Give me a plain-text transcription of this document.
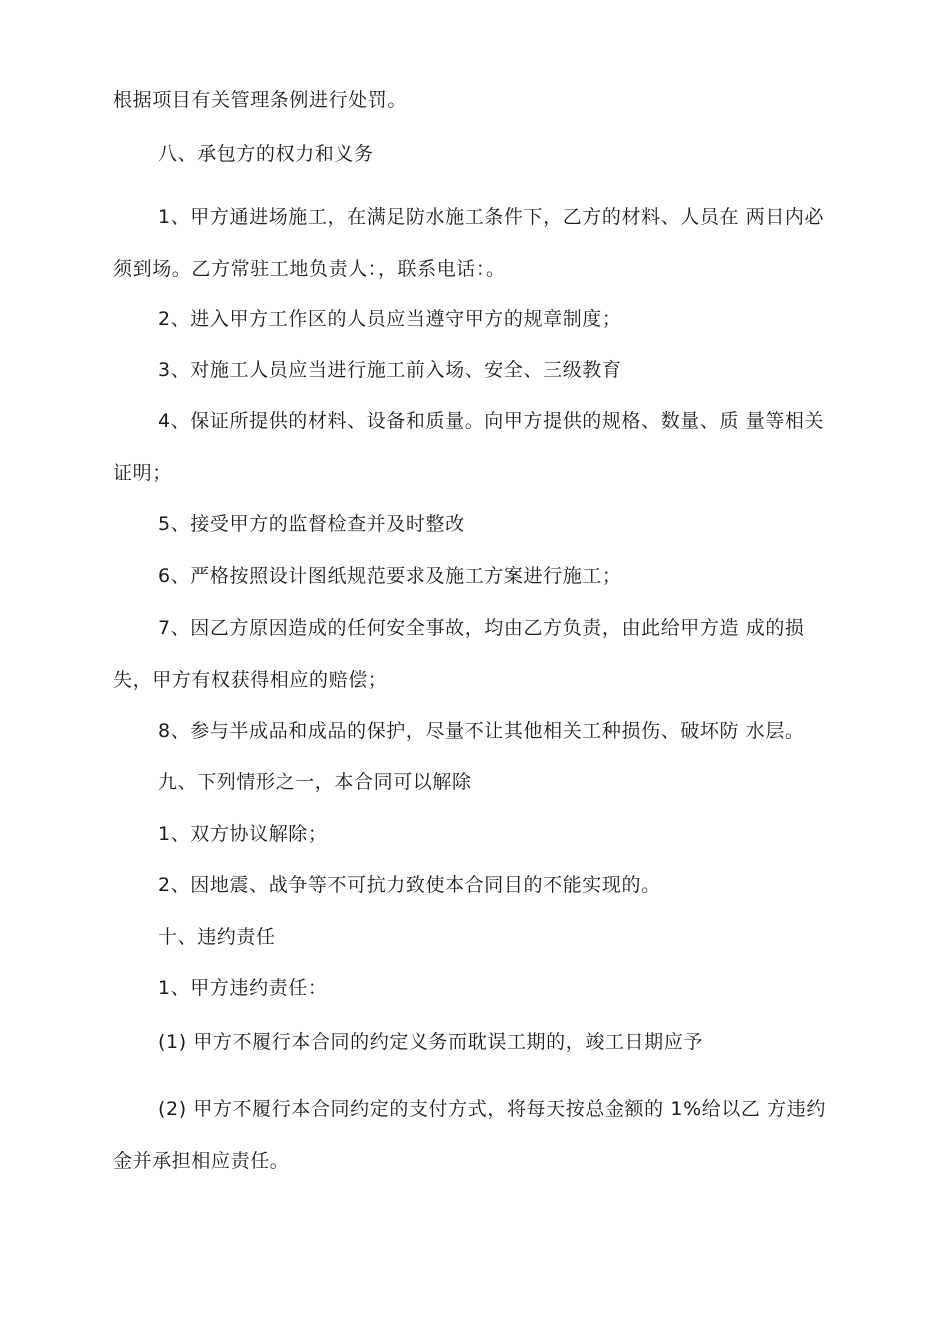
根据项目有关管理条例进行处罚。
八、承包方的权力和义务
1、甲方通进场施工，在满足防水施工条件下，乙方的材料、人员在 两日内必
须到场。乙方常驻工地负责人：，联系电话：。
2、进入甲方工作区的人员应当遵守甲方的规章制度；
3、对施工人员应当进行施工前入场、安全、三级教育
4、保证所提供的材料、设备和质量。向甲方提供的规格、数量、质 量等相关
证明；
5、接受甲方的监督检查并及时整改
6、严格按照设计图纸规范要求及施工方案进行施工；
7、因乙方原因造成的任何安全事故，均由乙方负责，由此给甲方造 成的损
失，甲方有权获得相应的赔偿；
8、参与半成品和成品的保护，尽量不让其他相关工种损伤、破坏防 水层。
九、下列情形之一，本合同可以解除
1、双方协议解除；
2、因地震、战争等不可抗力致使本合同目的不能实现的。
十、违约责任
1、甲方违约责任：
(1) 甲方不履行本合同的约定义务而耽误工期的，竣工日期应予
(2) 甲方不履行本合同约定的支付方式，将每天按总金额的 1%给以乙 方违约
金并承担相应责任。
